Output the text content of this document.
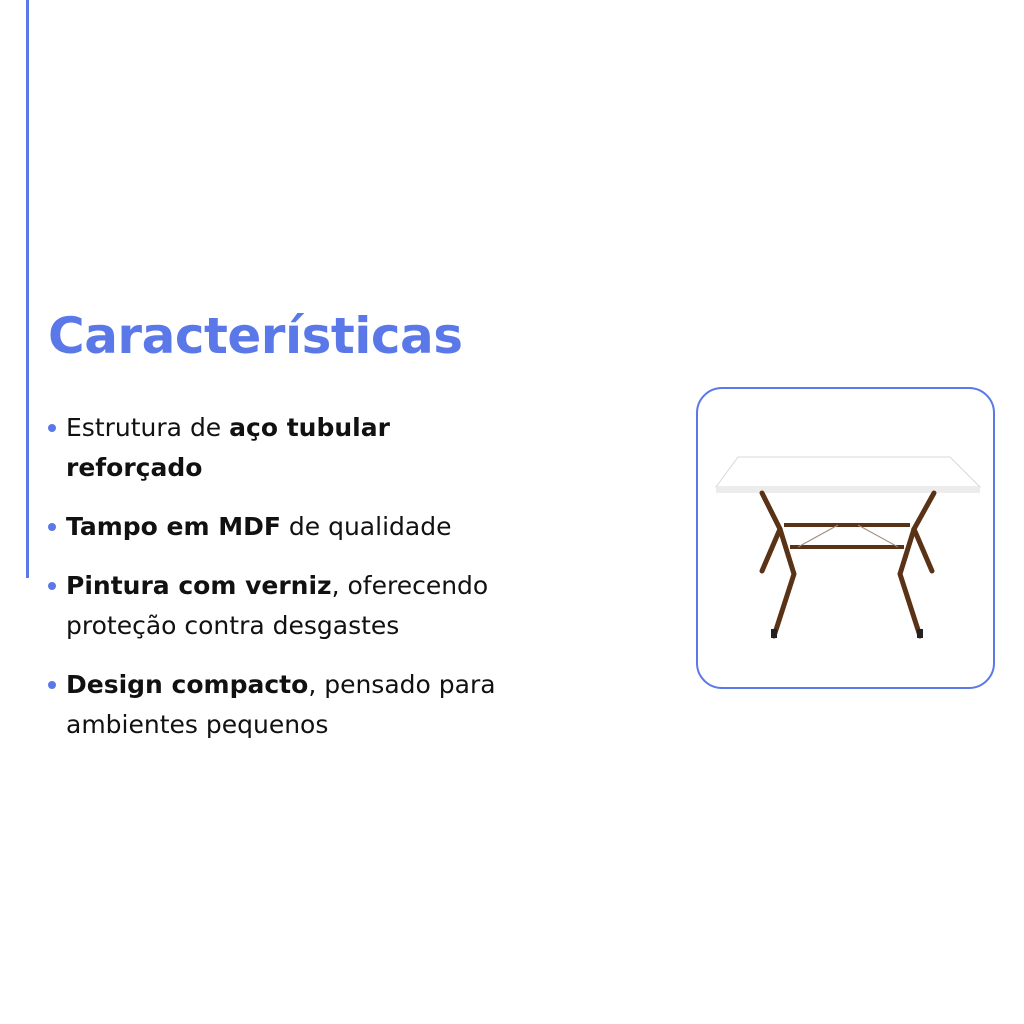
Características
Estrutura de aço tubular reforçado
Tampo em MDF de qualidade
Pintura com verniz, oferecendo proteção contra desgastes
Design compacto, pensado para ambientes pequenos
